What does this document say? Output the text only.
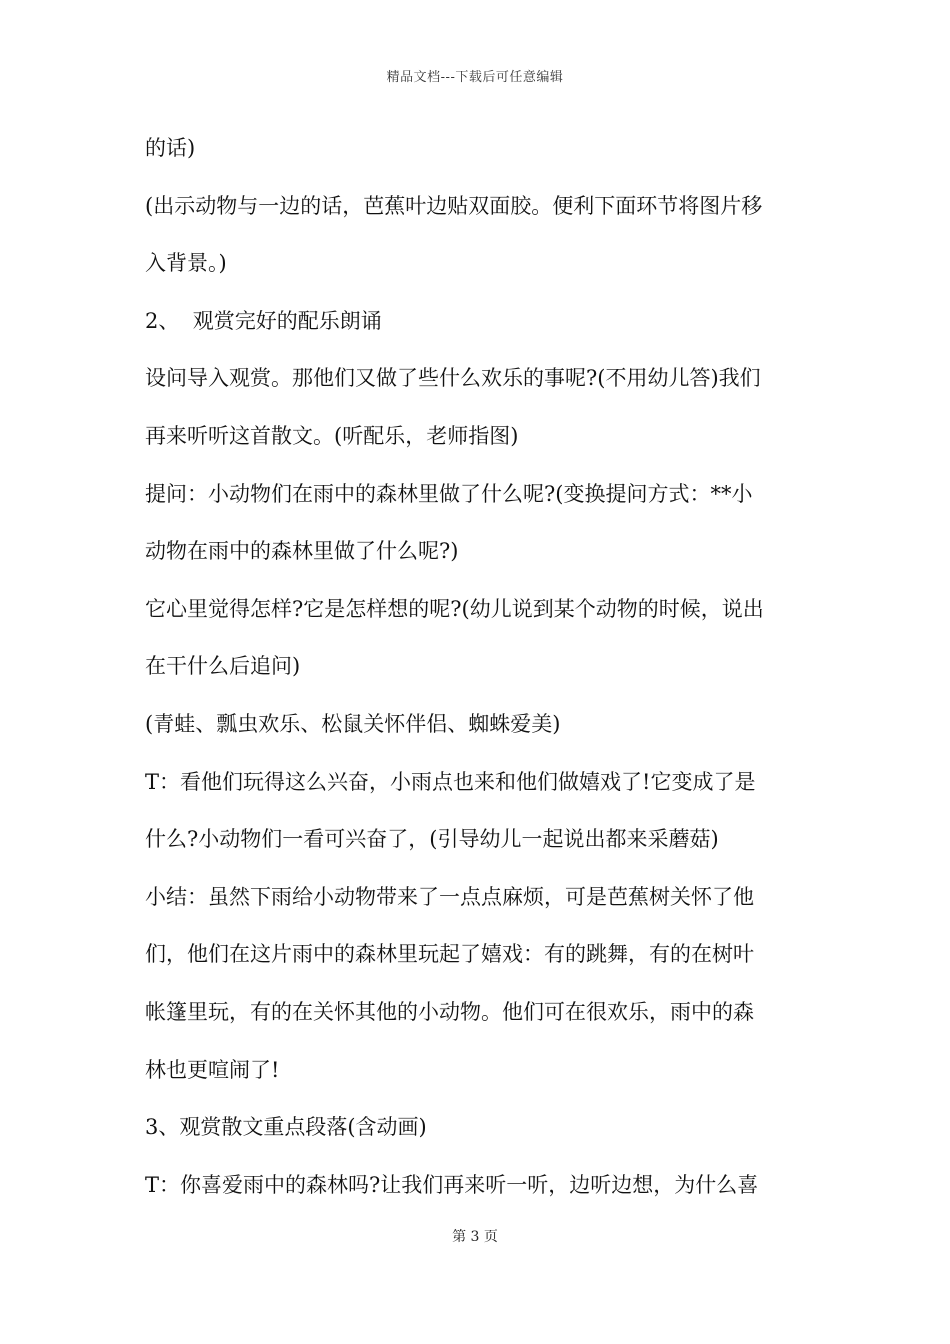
精品文档---下载后可任意编辑
的话)
(出示动物与一边的话，芭蕉叶边贴双面胶。便利下面环节将图片移
入背景。)
2、  观赏完好的配乐朗诵
设问导入观赏。那他们又做了些什么欢乐的事呢?(不用幼儿答)我们
再来听听这首散文。(听配乐，老师指图)
提问：小动物们在雨中的森林里做了什么呢?(变换提问方式：**小
动物在雨中的森林里做了什么呢?)
它心里觉得怎样?它是怎样想的呢?(幼儿说到某个动物的时候，说出
在干什么后追问)
(青蛙、瓢虫欢乐、松鼠关怀伴侣、蜘蛛爱美)
T：看他们玩得这么兴奋，小雨点也来和他们做嬉戏了!它变成了是
什么?小动物们一看可兴奋了，(引导幼儿一起说出都来采蘑菇)
小结：虽然下雨给小动物带来了一点点麻烦，可是芭蕉树关怀了他
们，他们在这片雨中的森林里玩起了嬉戏：有的跳舞，有的在树叶
帐篷里玩，有的在关怀其他的小动物。他们可在很欢乐，雨中的森
林也更喧闹了!
3、观赏散文重点段落(含动画)
T：你喜爱雨中的森林吗?让我们再来听一听，边听边想，为什么喜
第 3 页
